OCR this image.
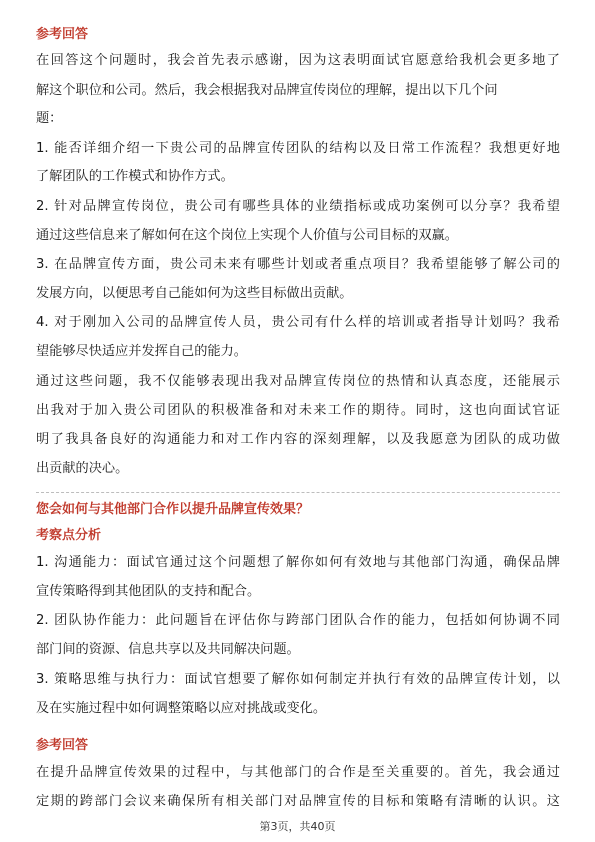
参考回答
在回答这个问题时，我会首先表示感谢，因为这表明面试官愿意给我机会更多地了
解这个职位和公司。然后，我会根据我对品牌宣传岗位的理解，提出以下几个问
题：
1. 能否详细介绍一下贵公司的品牌宣传团队的结构以及日常工作流程？我想更好地
了解团队的工作模式和协作方式。
2. 针对品牌宣传岗位，贵公司有哪些具体的业绩指标或成功案例可以分享？我希望
通过这些信息来了解如何在这个岗位上实现个人价值与公司目标的双赢。
3. 在品牌宣传方面，贵公司未来有哪些计划或者重点项目？我希望能够了解公司的
发展方向，以便思考自己能如何为这些目标做出贡献。
4. 对于刚加入公司的品牌宣传人员，贵公司有什么样的培训或者指导计划吗？我希
望能够尽快适应并发挥自己的能力。
通过这些问题，我不仅能够表现出我对品牌宣传岗位的热情和认真态度，还能展示
出我对于加入贵公司团队的积极准备和对未来工作的期待。同时，这也向面试官证
明了我具备良好的沟通能力和对工作内容的深刻理解，以及我愿意为团队的成功做
出贡献的决心。
您会如何与其他部门合作以提升品牌宣传效果？
考察点分析
1. 沟通能力：面试官通过这个问题想了解你如何有效地与其他部门沟通，确保品牌
宣传策略得到其他团队的支持和配合。
2. 团队协作能力：此问题旨在评估你与跨部门团队合作的能力，包括如何协调不同
部门间的资源、信息共享以及共同解决问题。
3. 策略思维与执行力：面试官想要了解你如何制定并执行有效的品牌宣传计划，以
及在实施过程中如何调整策略以应对挑战或变化。
参考回答
在提升品牌宣传效果的过程中，与其他部门的合作是至关重要的。首先，我会通过
定期的跨部门会议来确保所有相关部门对品牌宣传的目标和策略有清晰的认识。这
第3页，共40页
